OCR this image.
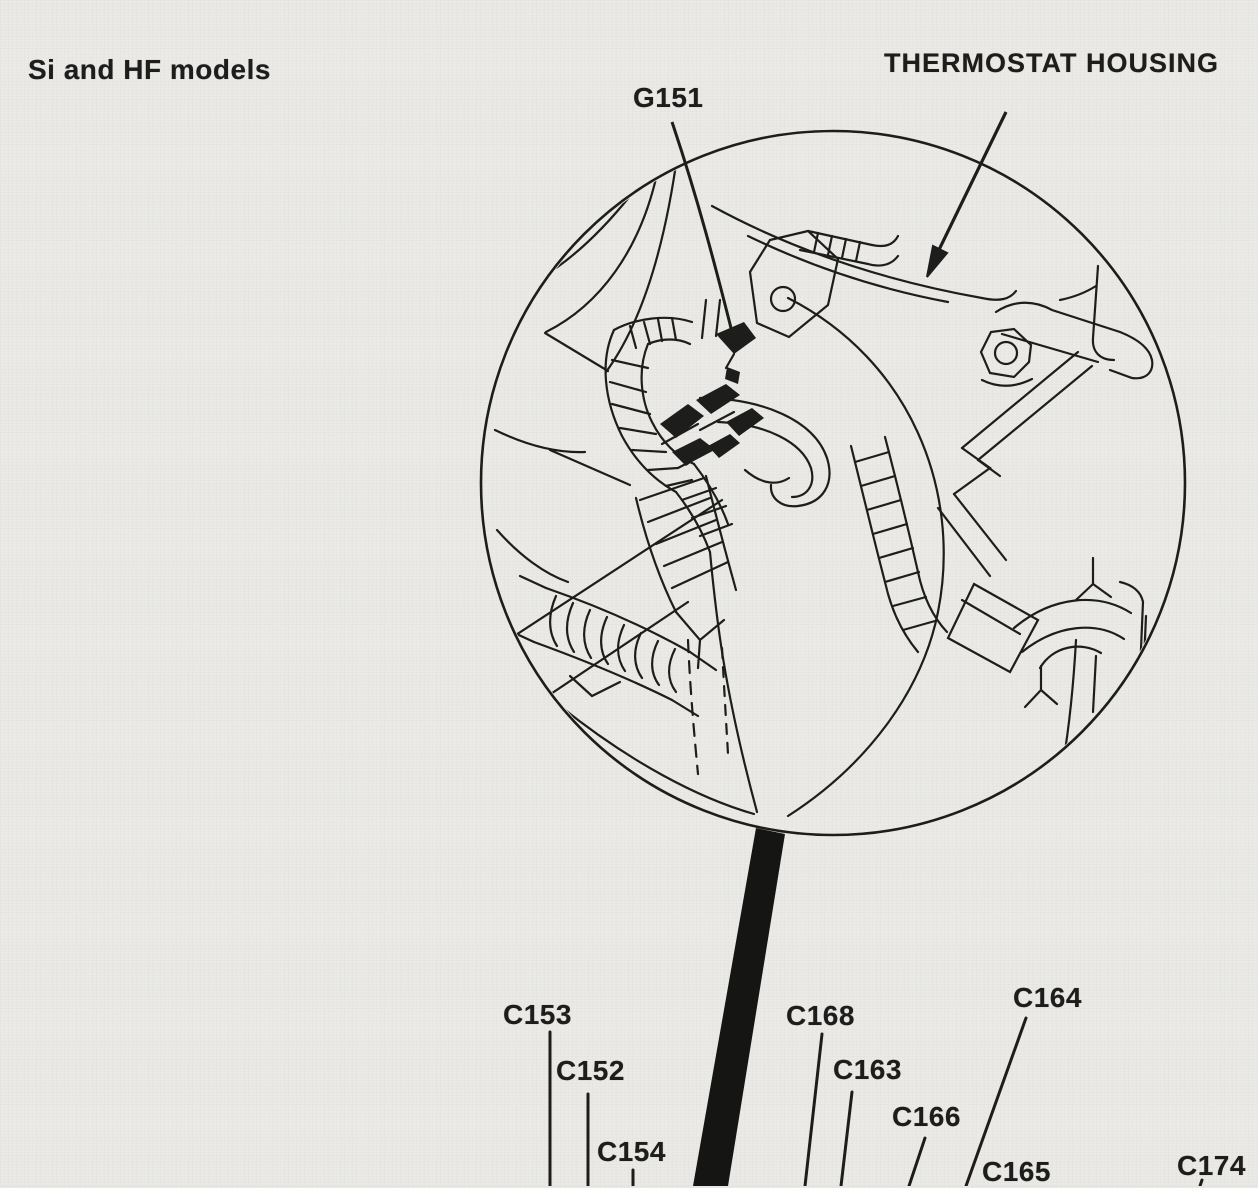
Si and HF models	THERMOSTAT HOUSING
G151
C153
C152
C154
C168
C163
C166
C164
C165	C174
